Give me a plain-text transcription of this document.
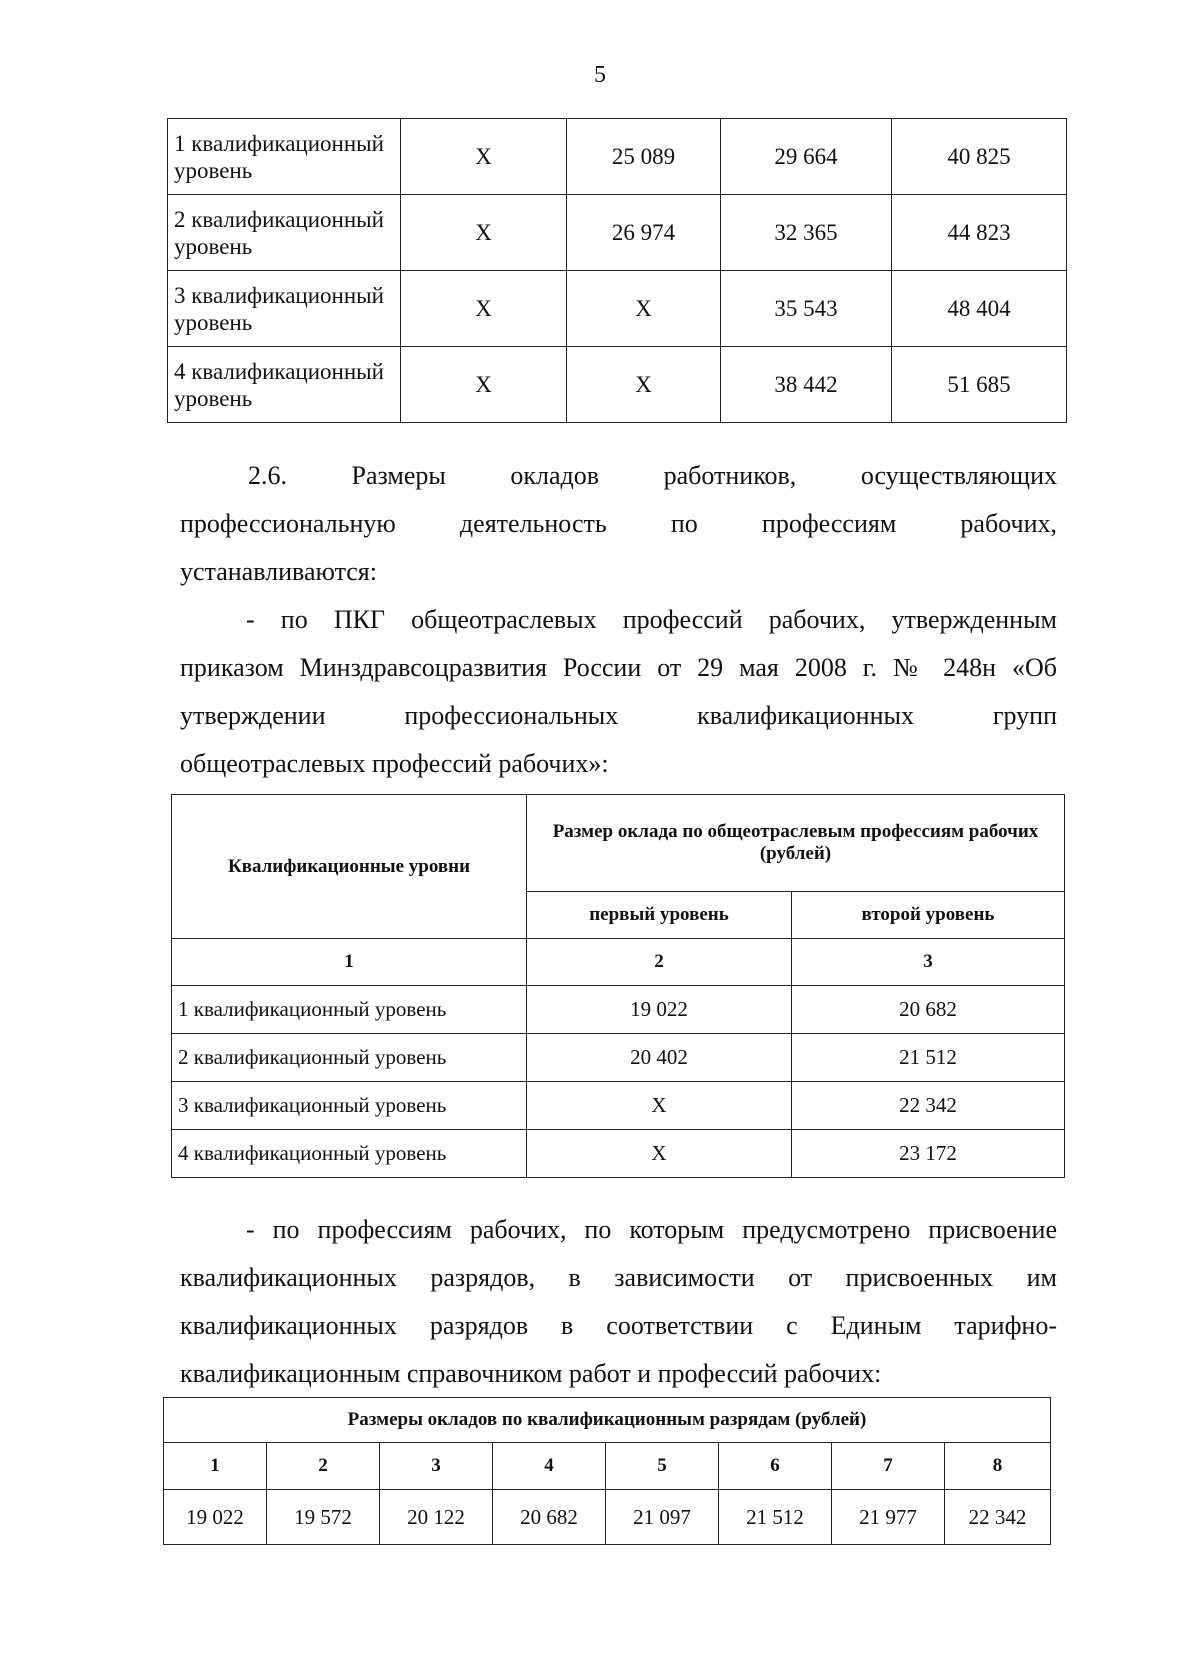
5
1 квалификационный уровень	Х	25 089	29 664	40 825
2 квалификационный уровень	Х	26 974	32 365	44 823
3 квалификационный уровень	Х	Х	35 543	48 404
4 квалификационный уровень	Х	Х	38 442	51 685
2.6. Размеры окладов работников, осуществляющих
профессиональную деятельность по профессиям рабочих,
устанавливаются:
- по ПКГ общеотраслевых профессий рабочих, утвержденным
приказом Минздравсоцразвития России от 29 мая 2008 г. № 248н «Об
утверждении профессиональных квалификационных групп
общеотраслевых профессий рабочих»:
Квалификационные уровни	Размер оклада по общеотраслевым профессиям рабочих (рублей)	
	первый уровень	второй уровень
1	2	3
1 квалификационный уровень	19 022	20 682
2 квалификационный уровень	20 402	21 512
3 квалификационный уровень	Х	22 342
4 квалификационный уровень	Х	23 172
- по профессиям рабочих, по которым предусмотрено присвоение
квалификационных разрядов, в зависимости от присвоенных им
квалификационных разрядов в соответствии с Единым тарифно-
квалификационным справочником работ и профессий рабочих:
Размеры окладов по квалификационным разрядам (рублей)							
1	2	3	4	5	6	7	8
19 022	19 572	20 122	20 682	21 097	21 512	21 977	22 342
